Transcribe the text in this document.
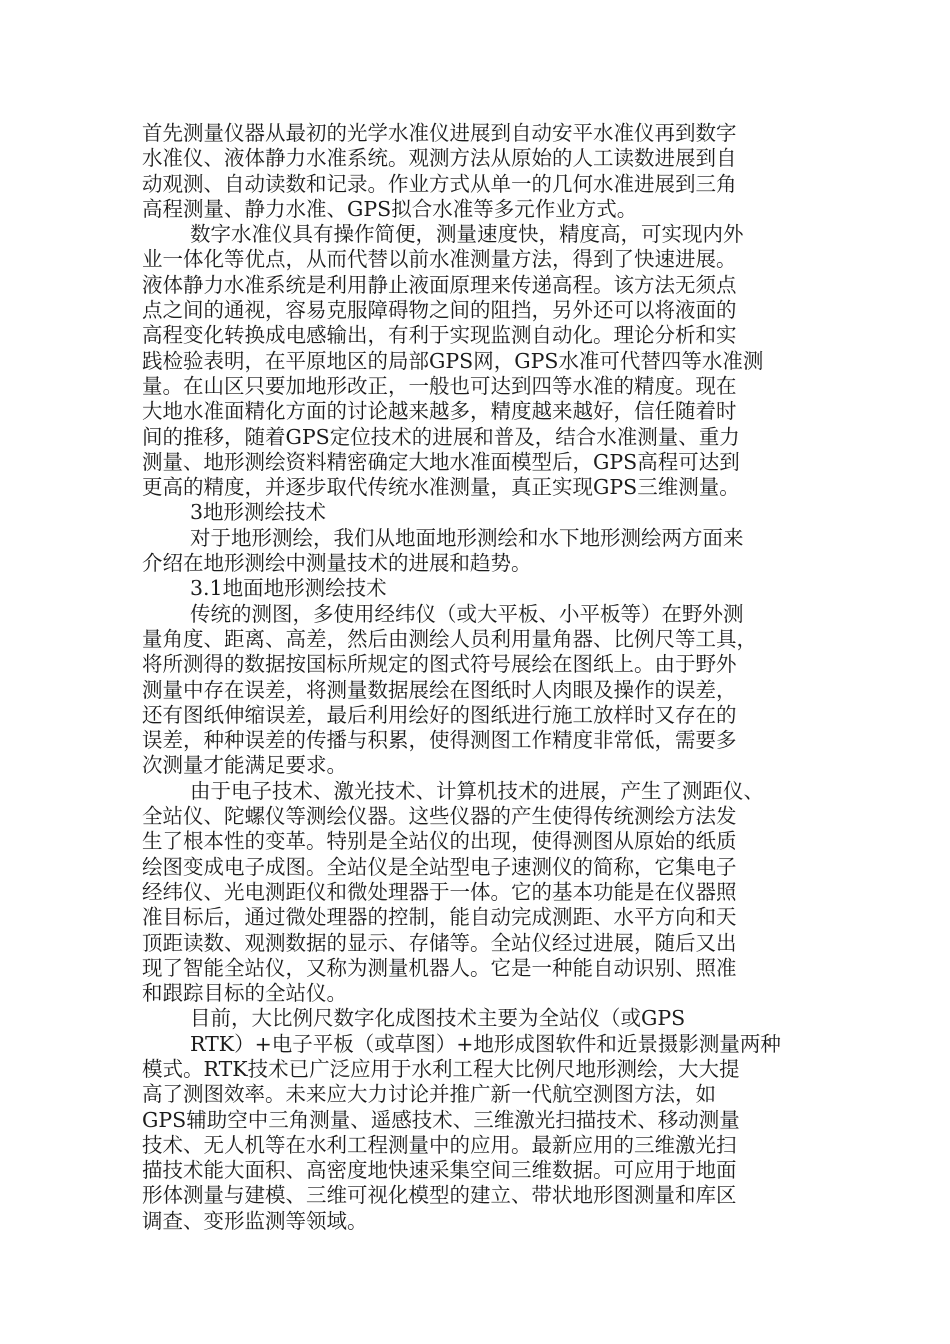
首先测量仪器从最初的光学水准仪进展到自动安平水准仪再到数字
水准仪、液体静力水准系统。观测方法从原始的人工读数进展到自
动观测、自动读数和记录。作业方式从单一的几何水准进展到三角
高程测量、静力水准、GPS拟合水准等多元作业方式。
数字水准仪具有操作简便，测量速度快，精度高，可实现内外
业一体化等优点，从而代替以前水准测量方法，得到了快速进展。
液体静力水准系统是利用静止液面原理来传递高程。该方法无须点
点之间的通视，容易克服障碍物之间的阻挡，另外还可以将液面的
高程变化转换成电感输出，有利于实现监测自动化。理论分析和实
践检验表明，在平原地区的局部GPS网，GPS水准可代替四等水准测
量。在山区只要加地形改正，一般也可达到四等水准的精度。现在
大地水准面精化方面的讨论越来越多，精度越来越好，信任随着时
间的推移，随着GPS定位技术的进展和普及，结合水准测量、重力
测量、地形测绘资料精密确定大地水准面模型后，GPS高程可达到
更高的精度，并逐步取代传统水准测量，真正实现GPS三维测量。
3地形测绘技术
对于地形测绘，我们从地面地形测绘和水下地形测绘两方面来
介绍在地形测绘中测量技术的进展和趋势。
3.1地面地形测绘技术
传统的测图，多使用经纬仪（或大平板、小平板等）在野外测
量角度、距离、高差，然后由测绘人员利用量角器、比例尺等工具，
将所测得的数据按国标所规定的图式符号展绘在图纸上。由于野外
测量中存在误差，将测量数据展绘在图纸时人肉眼及操作的误差，
还有图纸伸缩误差，最后利用绘好的图纸进行施工放样时又存在的
误差，种种误差的传播与积累，使得测图工作精度非常低，需要多
次测量才能满足要求。
由于电子技术、激光技术、计算机技术的进展，产生了测距仪、
全站仪、陀螺仪等测绘仪器。这些仪器的产生使得传统测绘方法发
生了根本性的变革。特别是全站仪的出现，使得测图从原始的纸质
绘图变成电子成图。全站仪是全站型电子速测仪的简称，它集电子
经纬仪、光电测距仪和微处理器于一体。它的基本功能是在仪器照
准目标后，通过微处理器的控制，能自动完成测距、水平方向和天
顶距读数、观测数据的显示、存储等。全站仪经过进展，随后又出
现了智能全站仪，又称为测量机器人。它是一种能自动识别、照准
和跟踪目标的全站仪。
目前，大比例尺数字化成图技术主要为全站仪（或GPS
RTK）+电子平板（或草图）+地形成图软件和近景摄影测量两种
模式。RTK技术已广泛应用于水利工程大比例尺地形测绘，大大提
高了测图效率。未来应大力讨论并推广新一代航空测图方法，如
GPS辅助空中三角测量、遥感技术、三维激光扫描技术、移动测量
技术、无人机等在水利工程测量中的应用。最新应用的三维激光扫
描技术能大面积、高密度地快速采集空间三维数据。可应用于地面
形体测量与建模、三维可视化模型的建立、带状地形图测量和库区
调查、变形监测等领域。
